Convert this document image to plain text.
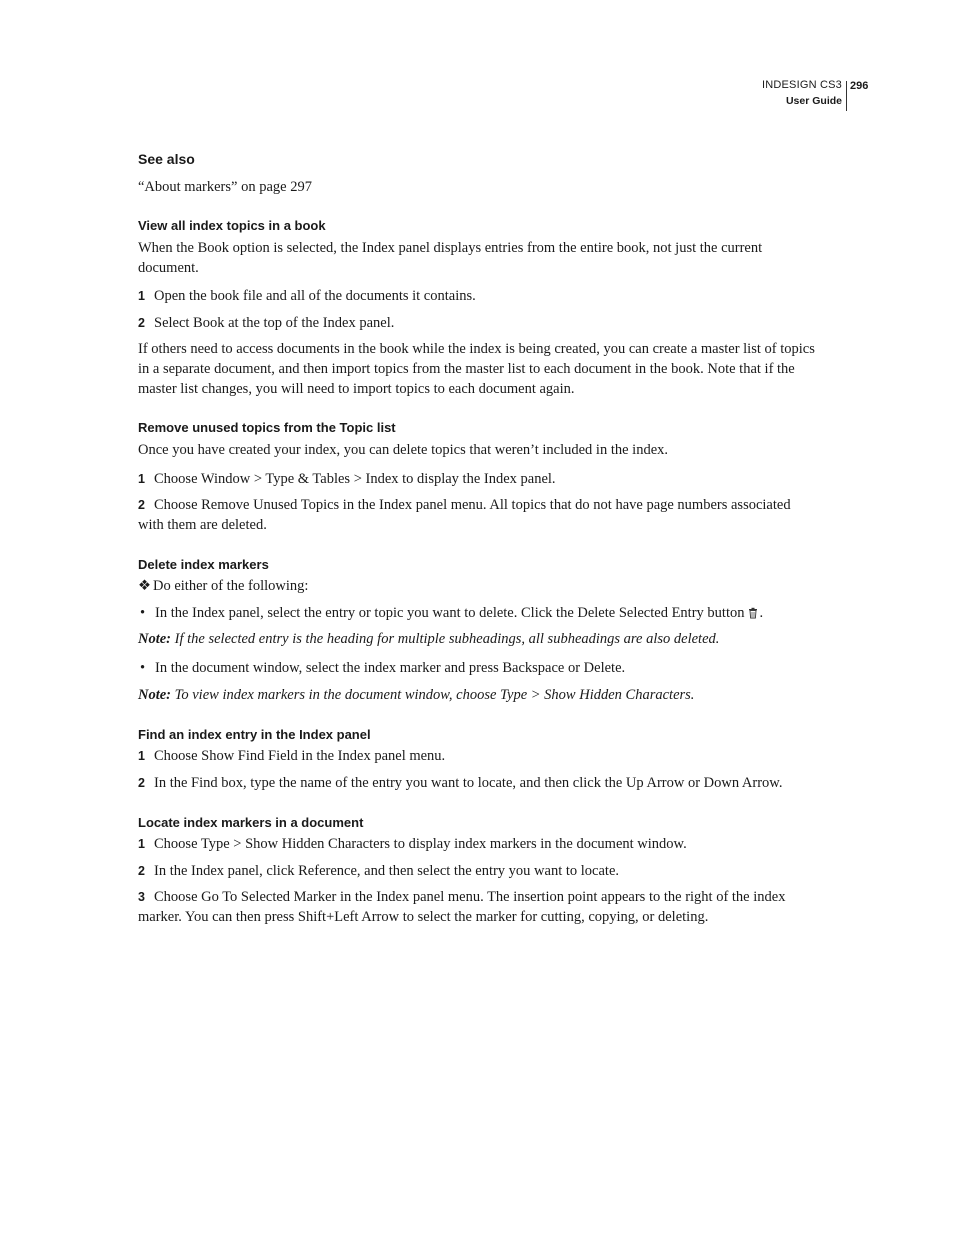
INDESIGN CS3
User Guide
296
See also
“About markers” on page 297
View all index topics in a book
When the Book option is selected, the Index panel displays entries from the entire book, not just the current document.
1 Open the book file and all of the documents it contains.
2 Select Book at the top of the Index panel.
If others need to access documents in the book while the index is being created, you can create a master list of topics in a separate document, and then import topics from the master list to each document in the book. Note that if the master list changes, you will need to import topics to each document again.
Remove unused topics from the Topic list
Once you have created your index, you can delete topics that weren’t included in the index.
1 Choose Window > Type & Tables > Index to display the Index panel.
2 Choose Remove Unused Topics in the Index panel menu. All topics that do not have page numbers associated with them are deleted.
Delete index markers
❖ Do either of the following:
• In the Index panel, select the entry or topic you want to delete. Click the Delete Selected Entry button .
Note: If the selected entry is the heading for multiple subheadings, all subheadings are also deleted.
• In the document window, select the index marker and press Backspace or Delete.
Note: To view index markers in the document window, choose Type > Show Hidden Characters.
Find an index entry in the Index panel
1 Choose Show Find Field in the Index panel menu.
2 In the Find box, type the name of the entry you want to locate, and then click the Up Arrow or Down Arrow.
Locate index markers in a document
1 Choose Type > Show Hidden Characters to display index markers in the document window.
2 In the Index panel, click Reference, and then select the entry you want to locate.
3 Choose Go To Selected Marker in the Index panel menu. The insertion point appears to the right of the index marker. You can then press Shift+Left Arrow to select the marker for cutting, copying, or deleting.
